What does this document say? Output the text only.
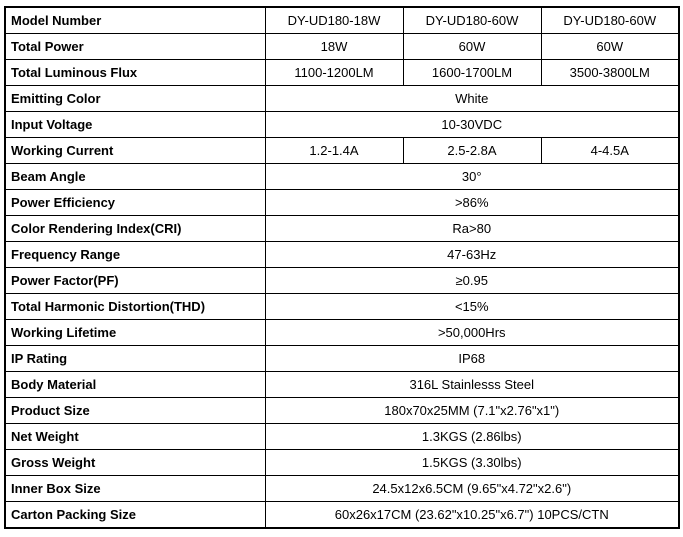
Model Number	DY-UD180-18W	DY-UD180-60W	DY-UD180-60W
Total Power	18W	60W	60W
Total Luminous Flux	1100-1200LM	1600-1700LM	3500-3800LM
Emitting Color	White		
Input Voltage	10-30VDC		
Working Current	1.2-1.4A	2.5-2.8A	4-4.5A
Beam Angle	30°		
Power Efficiency	>86%		
Color Rendering Index(CRI)	Ra>80		
Frequency Range	47-63Hz		
Power Factor(PF)	≥0.95		
Total Harmonic Distortion(THD)	<15%		
Working Lifetime	>50,000Hrs		
IP Rating	IP68		
Body Material	316L Stainlesss Steel		
Product Size	180x70x25MM (7.1"x2.76"x1")		
Net Weight	1.3KGS (2.86lbs)		
Gross Weight	1.5KGS (3.30lbs)		
Inner Box Size	24.5x12x6.5CM (9.65"x4.72"x2.6")		
Carton Packing Size	60x26x17CM (23.62"x10.25"x6.7") 10PCS/CTN		
